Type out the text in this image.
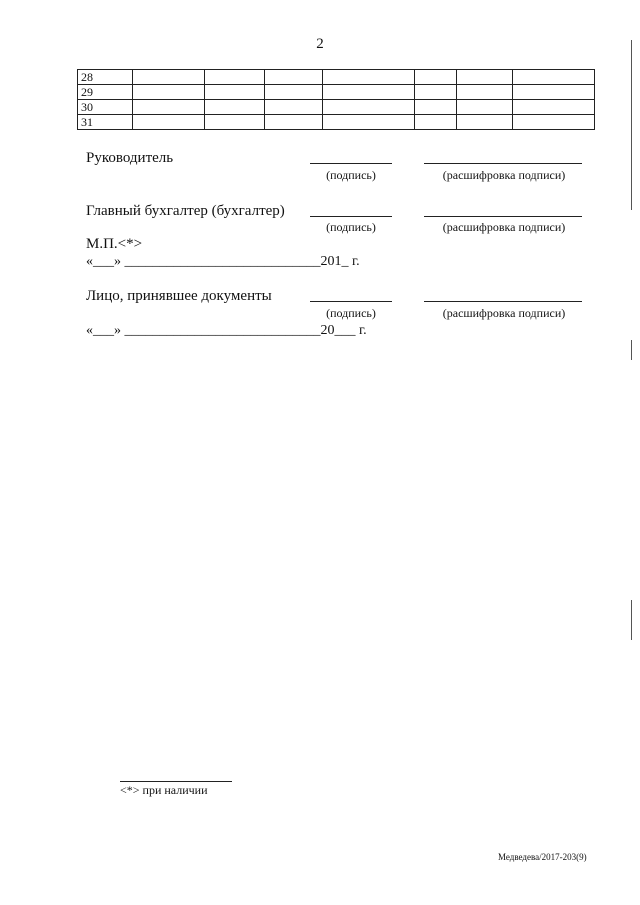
2
28							
29							
30							
31							
Руководитель
(подпись)	(расшифровка подписи)
Главный бухгалтер (бухгалтер)
(подпись)	(расшифровка подписи)
М.П.<*>
«___» ____________________________201_ г.
Лицо, принявшее документы
(подпись)	(расшифровка подписи)
«___» ____________________________20___ г.
<*> при наличии
Медведева/2017-203(9)
